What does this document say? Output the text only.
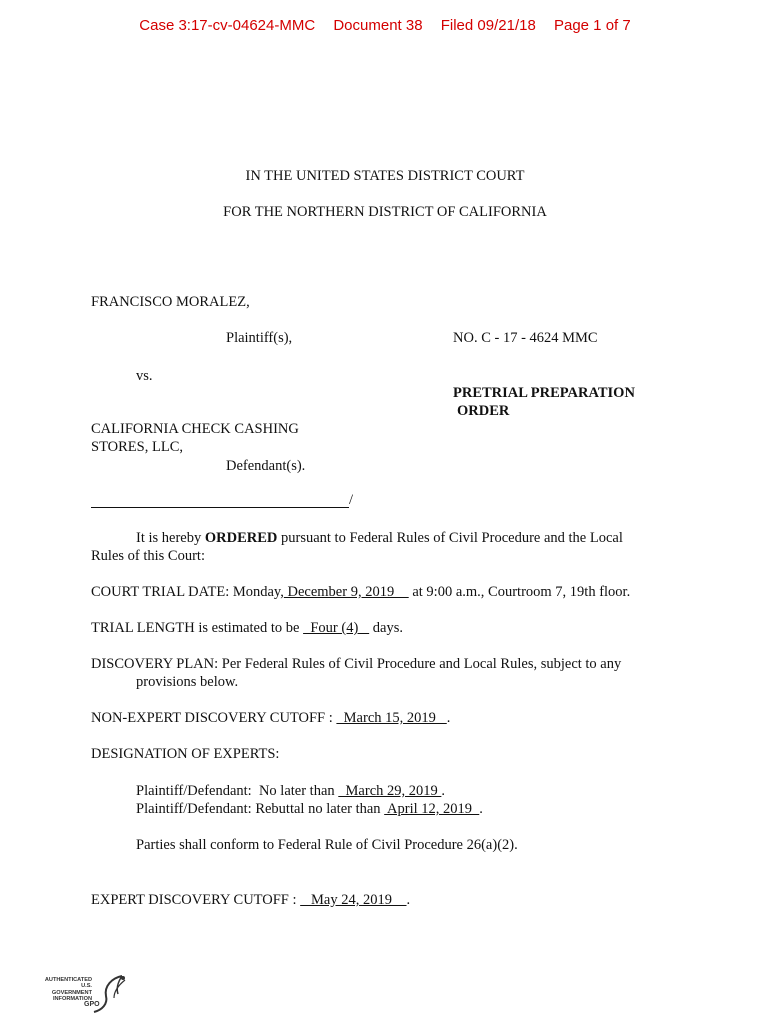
Case 3:17-cv-04624-MMC Document 38 Filed 09/21/18 Page 1 of 7
IN THE UNITED STATES DISTRICT COURT
FOR THE NORTHERN DISTRICT OF CALIFORNIA
FRANCISCO MORALEZ,
Plaintiff(s),	NO. C - 17 - 4624 MMC
vs.
PRETRIAL PREPARATION
ORDER
CALIFORNIA CHECK CASHING
STORES, LLC,
Defendant(s).
/
It is hereby ORDERED pursuant to Federal Rules of Civil Procedure and the Local
Rules of this Court:
COURT TRIAL DATE: Monday, December 9, 2019     at 9:00 a.m., Courtroom 7, 19th floor.
TRIAL LENGTH is estimated to be   Four (4)    days.
DISCOVERY PLAN: Per Federal Rules of Civil Procedure and Local Rules, subject to any
provisions below.
NON-EXPERT DISCOVERY CUTOFF :   March 15, 2019   .
DESIGNATION OF EXPERTS:
Plaintiff/Defendant:  No later than   March 29, 2019 .
Plaintiff/Defendant: Rebuttal no later than  April 12, 2019  .
Parties shall conform to Federal Rule of Civil Procedure 26(a)(2).
EXPERT DISCOVERY CUTOFF :    May 24, 2019    .
AUTHENTICATED
U.S. GOVERNMENT
INFORMATION
GPO
